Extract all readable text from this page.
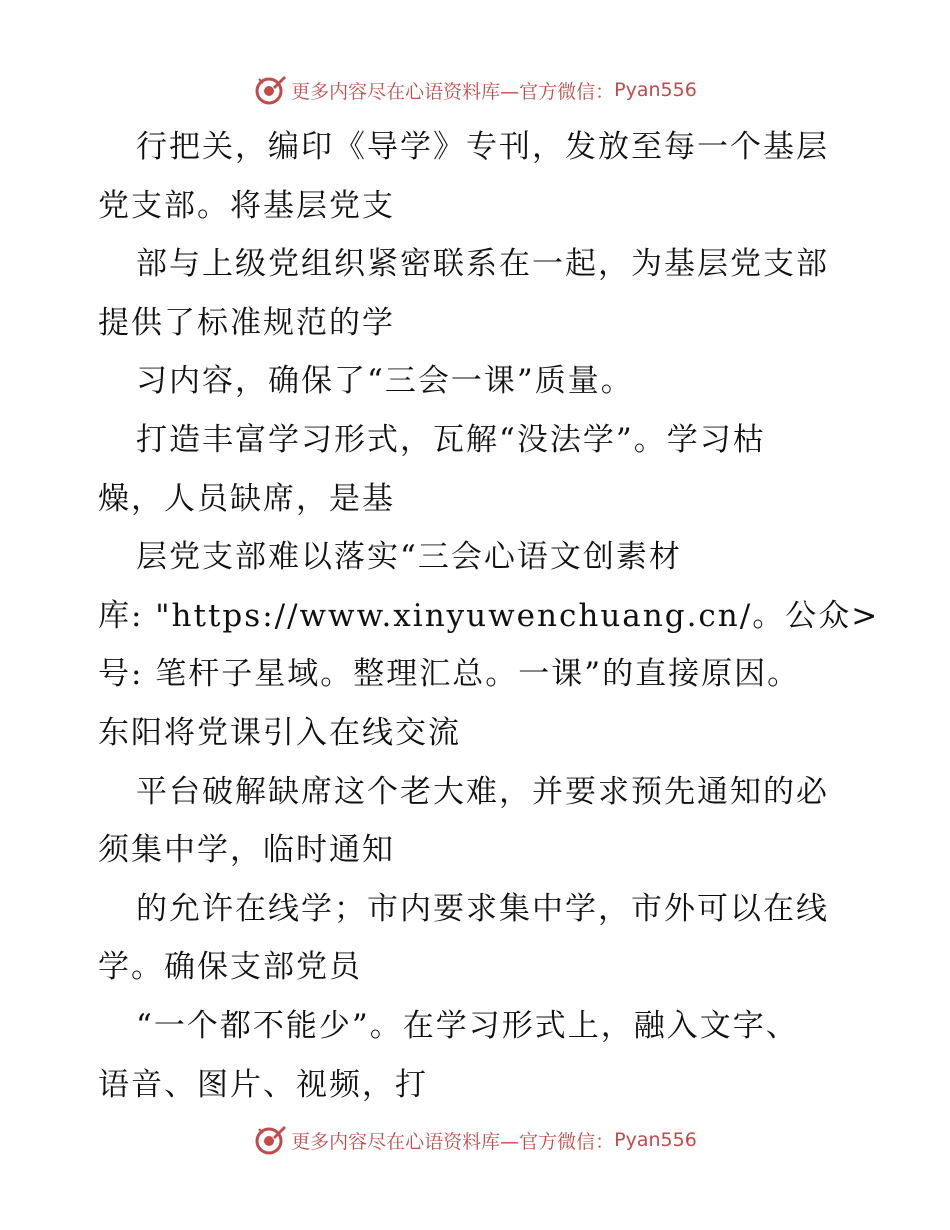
更多内容尽在心语资料库—官方微信： Pyan556
行把关，编印《导学》专刊，发放至每一个基层
党支部。将基层党支
部与上级党组织紧密联系在一起，为基层党支部
提供了标准规范的学
习内容，确保了“三会一课”质量。
打造丰富学习形式，瓦解“没法学”。学习枯
燥，人员缺席，是基
层党支部难以落实“三会心语文创素材
库: "https://www.xinyuwenchuang.cn/。公众>
号: 笔杆子星域。整理汇总。一课”的直接原因。
东阳将党课引入在线交流
平台破解缺席这个老大难，并要求预先通知的必
须集中学，临时通知
的允许在线学；市内要求集中学，市外可以在线
学。确保支部党员
“一个都不能少”。在学习形式上，融入文字、
语音、图片、视频，打
更多内容尽在心语资料库—官方微信： Pyan556
